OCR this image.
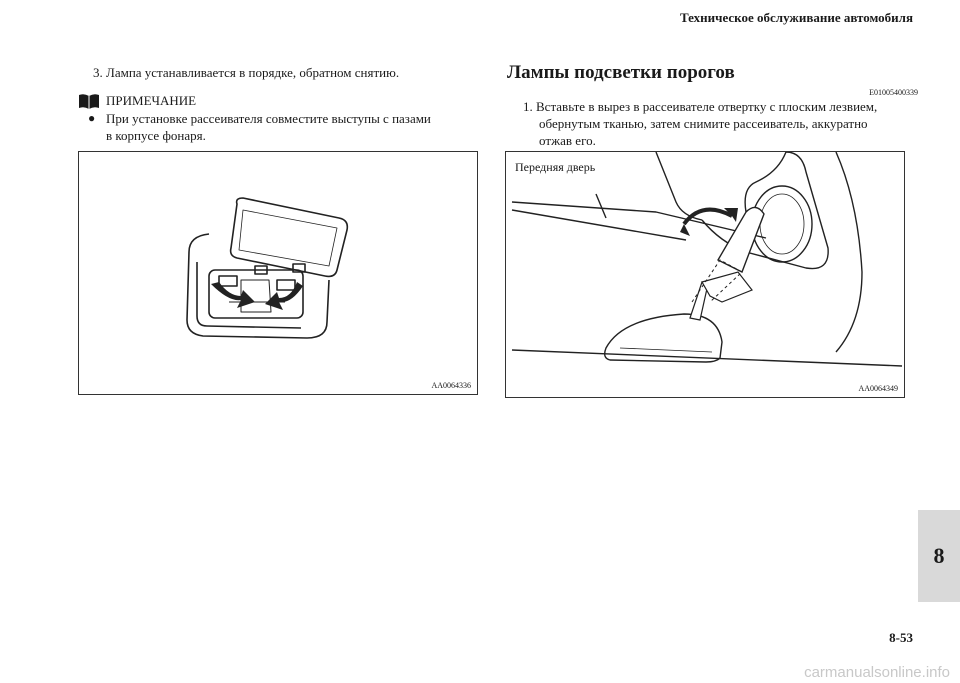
Техническое обслуживание автомобиля
3. Лампа устанавливается в порядке, обратном снятию.
ПРИМЕЧАНИЕ
● При установке рассеивателя совместите выступы с пазами
в корпусе фонаря.
AA0064336
Лампы подсветки порогов
E01005400339
1. Вставьте в вырез в рассеивателе отвертку с плоским лезвием,
обернутым тканью, затем снимите рассеиватель, аккуратно
отжав его.
Передняя дверь
AA0064349
8
8-53
carmanualsonline.info
